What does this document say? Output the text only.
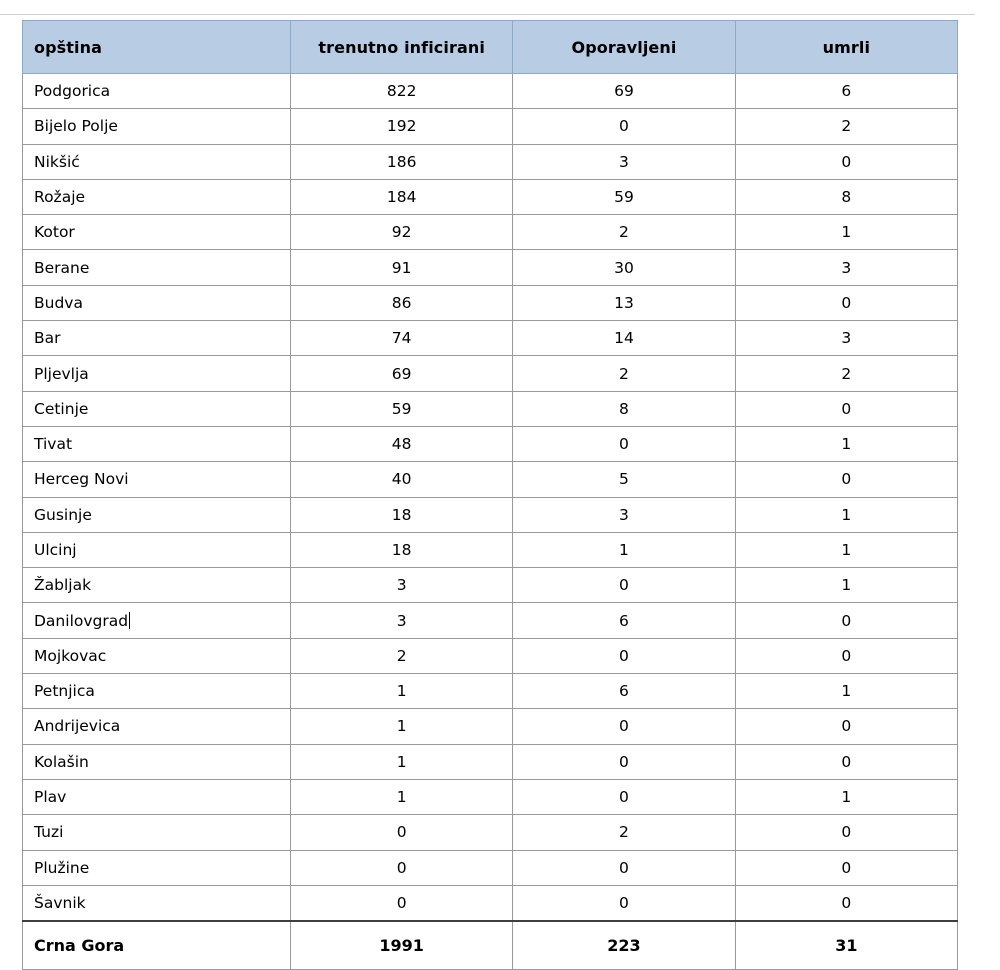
opština	trenutno inficirani	Oporavljeni	umrli
Podgorica	822	69	6
Bijelo Polje	192	0	2
Nikšić	186	3	0
Rožaje	184	59	8
Kotor	92	2	1
Berane	91	30	3
Budva	86	13	0
Bar	74	14	3
Pljevlja	69	2	2
Cetinje	59	8	0
Tivat	48	0	1
Herceg Novi	40	5	0
Gusinje	18	3	1
Ulcinj	18	1	1
Žabljak	3	0	1
Danilovgrad	3	6	0
Mojkovac	2	0	0
Petnjica	1	6	1
Andrijevica	1	0	0
Kolašin	1	0	0
Plav	1	0	1
Tuzi	0	2	0
Plužine	0	0	0
Šavnik	0	0	0
Crna Gora	1991	223	31
